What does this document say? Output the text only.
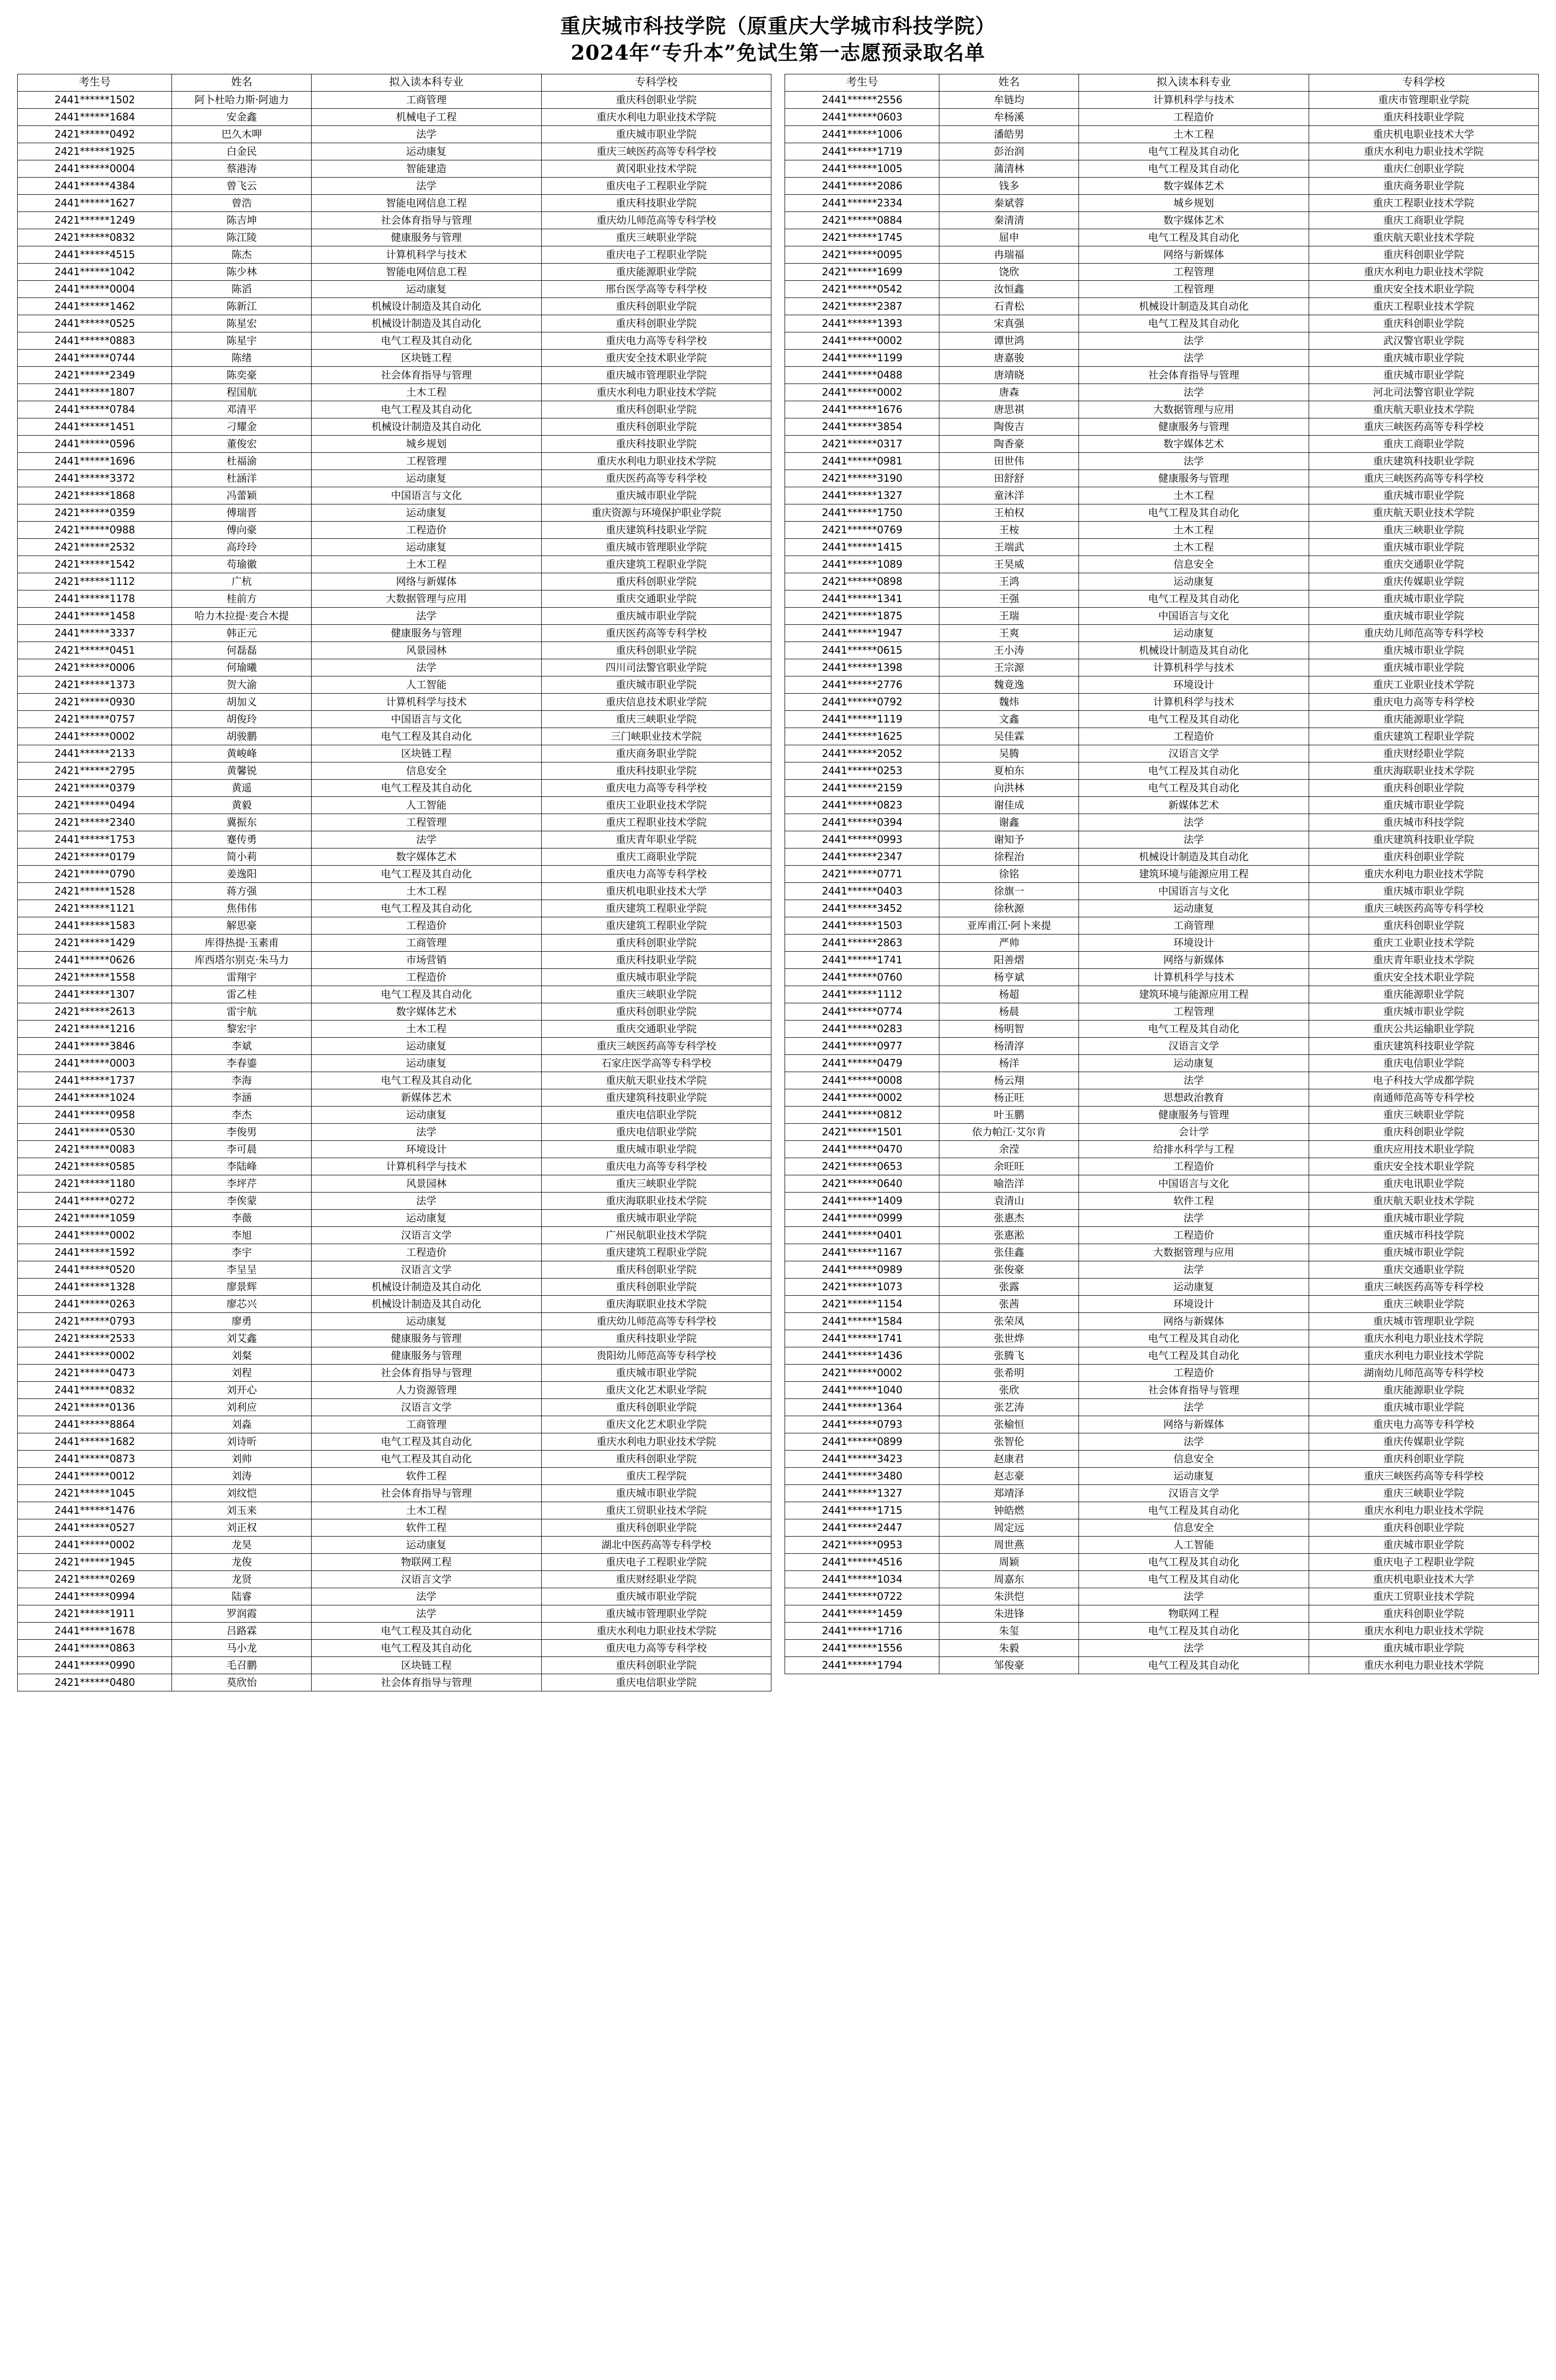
重庆城市科技学院（原重庆大学城市科技学院）
2024年“专升本”免试生第一志愿预录取名单
考生号	姓名	拟入读本科专业	专科学校
2441******1502	阿卜杜哈力斯·阿迪力	工商管理	重庆科创职业学院
2441******1684	安金鑫	机械电子工程	重庆水利电力职业技术学院
2421******0492	巴久木呷	法学	重庆城市职业学院
2421******1925	白金民	运动康复	重庆三峡医药高等专科学校
2441******0004	蔡港涛	智能建造	黄冈职业技术学院
2441******4384	曾飞云	法学	重庆电子工程职业学院
2441******1627	曾浩	智能电网信息工程	重庆科技职业学院
2421******1249	陈吉坤	社会体育指导与管理	重庆幼儿师范高等专科学校
2421******0832	陈江陵	健康服务与管理	重庆三峡职业学院
2441******4515	陈杰	计算机科学与技术	重庆电子工程职业学院
2441******1042	陈少林	智能电网信息工程	重庆能源职业学院
2441******0004	陈滔	运动康复	邢台医学高等专科学校
2441******1462	陈新江	机械设计制造及其自动化	重庆科创职业学院
2441******0525	陈星宏	机械设计制造及其自动化	重庆科创职业学院
2441******0883	陈星宇	电气工程及其自动化	重庆电力高等专科学校
2441******0744	陈绪	区块链工程	重庆安全技术职业学院
2421******2349	陈奕豪	社会体育指导与管理	重庆城市管理职业学院
2441******1807	程国航	土木工程	重庆水利电力职业技术学院
2441******0784	邓清平	电气工程及其自动化	重庆科创职业学院
2441******1451	刁耀金	机械设计制造及其自动化	重庆科创职业学院
2441******0596	董俊宏	城乡规划	重庆科技职业学院
2441******1696	杜福渝	工程管理	重庆水利电力职业技术学院
2441******3372	杜涵洋	运动康复	重庆医药高等专科学校
2421******1868	冯蕾颖	中国语言与文化	重庆城市职业学院
2421******0359	傅瑞晋	运动康复	重庆资源与环境保护职业学院
2421******0988	傅向豪	工程造价	重庆建筑科技职业学院
2421******2532	高玲玲	运动康复	重庆城市管理职业学院
2421******1542	苟瑜徽	土木工程	重庆建筑工程职业学院
2421******1112	广杭	网络与新媒体	重庆科创职业学院
2441******1178	桂前方	大数据管理与应用	重庆交通职业学院
2441******1458	哈力木拉提·麦合木提	法学	重庆城市职业学院
2441******3337	韩正元	健康服务与管理	重庆医药高等专科学校
2421******0451	何磊磊	风景园林	重庆科创职业学院
2421******0006	何瑜曦	法学	四川司法警官职业学院
2421******1373	贺大渝	人工智能	重庆城市职业学院
2421******0930	胡加义	计算机科学与技术	重庆信息技术职业学院
2421******0757	胡俊玲	中国语言与文化	重庆三峡职业学院
2441******0002	胡骏鹏	电气工程及其自动化	三门峡职业技术学院
2441******2133	黄峻峰	区块链工程	重庆商务职业学院
2421******2795	黄馨锐	信息安全	重庆科技职业学院
2421******0379	黄遥	电气工程及其自动化	重庆电力高等专科学校
2421******0494	黄毅	人工智能	重庆工业职业技术学院
2421******2340	冀振东	工程管理	重庆工程职业技术学院
2441******1753	蹇传勇	法学	重庆青年职业学院
2421******0179	简小莉	数字媒体艺术	重庆工商职业学院
2421******0790	姜逸阳	电气工程及其自动化	重庆电力高等专科学校
2421******1528	蒋方强	土木工程	重庆机电职业技术大学
2421******1121	焦伟伟	电气工程及其自动化	重庆建筑工程职业学院
2441******1583	解思豪	工程造价	重庆建筑工程职业学院
2421******1429	库得热提·玉素甫	工商管理	重庆科创职业学院
2441******0626	库西塔尔别克·朱马力	市场营销	重庆科技职业学院
2421******1558	雷翔宇	工程造价	重庆城市职业学院
2441******1307	雷乙桂	电气工程及其自动化	重庆三峡职业学院
2421******2613	雷宇航	数字媒体艺术	重庆科创职业学院
2421******1216	黎宏宇	土木工程	重庆交通职业学院
2441******3846	李斌	运动康复	重庆三峡医药高等专科学校
2441******0003	李春鎏	运动康复	石家庄医学高等专科学校
2441******1737	李海	电气工程及其自动化	重庆航天职业技术学院
2441******1024	李涵	新媒体艺术	重庆建筑科技职业学院
2441******0958	李杰	运动康复	重庆电信职业学院
2441******0530	李俊男	法学	重庆电信职业学院
2421******0083	李可晨	环境设计	重庆城市职业学院
2421******0585	李陆峰	计算机科学与技术	重庆电力高等专科学校
2421******1180	李坪芹	风景园林	重庆三峡职业学院
2441******0272	李俟蒙	法学	重庆海联职业技术学院
2421******1059	李薇	运动康复	重庆城市职业学院
2441******0002	李旭	汉语言文学	广州民航职业技术学院
2441******1592	李宇	工程造价	重庆建筑工程职业学院
2441******0520	李呈呈	汉语言文学	重庆科创职业学院
2441******1328	廖景辉	机械设计制造及其自动化	重庆科创职业学院
2441******0263	廖芯兴	机械设计制造及其自动化	重庆海联职业技术学院
2421******0793	廖勇	运动康复	重庆幼儿师范高等专科学校
2421******2533	刘艾鑫	健康服务与管理	重庆科技职业学院
2441******0002	刘粲	健康服务与管理	贵阳幼儿师范高等专科学校
2421******0473	刘程	社会体育指导与管理	重庆城市职业学院
2441******0832	刘开心	人力资源管理	重庆文化艺术职业学院
2421******0136	刘利应	汉语言文学	重庆科创职业学院
2441******8864	刘淼	工商管理	重庆文化艺术职业学院
2441******1682	刘诗昕	电气工程及其自动化	重庆水利电力职业技术学院
2441******0873	刘帅	电气工程及其自动化	重庆科创职业学院
2441******0012	刘涛	软件工程	重庆工程学院
2421******1045	刘纹恺	社会体育指导与管理	重庆城市职业学院
2441******1476	刘玉来	土木工程	重庆工贸职业技术学院
2441******0527	刘正权	软件工程	重庆科创职业学院
2441******0002	龙昊	运动康复	湖北中医药高等专科学校
2421******1945	龙俊	物联网工程	重庆电子工程职业学院
2421******0269	龙贤	汉语言文学	重庆财经职业学院
2441******0994	陆睿	法学	重庆城市职业学院
2421******1911	罗润霞	法学	重庆城市管理职业学院
2441******1678	吕路霖	电气工程及其自动化	重庆水利电力职业技术学院
2441******0863	马小龙	电气工程及其自动化	重庆电力高等专科学校
2441******0990	毛召鹏	区块链工程	重庆科创职业学院
2421******0480	莫欣怡	社会体育指导与管理	重庆电信职业学院
考生号	姓名	拟入读本科专业	专科学校
2441******2556	牟链均	计算机科学与技术	重庆市管理职业学院
2441******0603	牟杨溪	工程造价	重庆科技职业学院
2441******1006	潘皓男	土木工程	重庆机电职业技术大学
2441******1719	彭治润	电气工程及其自动化	重庆水利电力职业技术学院
2441******1005	蒲清林	电气工程及其自动化	重庆仁创职业学院
2441******2086	钱多	数字媒体艺术	重庆商务职业学院
2441******2334	秦斌蓉	城乡规划	重庆工程职业技术学院
2421******0884	秦清清	数字媒体艺术	重庆工商职业学院
2421******1745	屈申	电气工程及其自动化	重庆航天职业技术学院
2421******0095	冉瑞福	网络与新媒体	重庆科创职业学院
2421******1699	饶欣	工程管理	重庆水利电力职业技术学院
2421******0542	汝恒鑫	工程管理	重庆安全技术职业学院
2421******2387	石青松	机械设计制造及其自动化	重庆工程职业技术学院
2441******1393	宋真强	电气工程及其自动化	重庆科创职业学院
2441******0002	谭世鸿	法学	武汉警官职业学院
2441******1199	唐嘉骏	法学	重庆城市职业学院
2441******0488	唐靖晓	社会体育指导与管理	重庆城市职业学院
2441******0002	唐森	法学	河北司法警官职业学院
2441******1676	唐思祺	大数据管理与应用	重庆航天职业技术学院
2441******3854	陶俊吉	健康服务与管理	重庆三峡医药高等专科学校
2421******0317	陶香豪	数字媒体艺术	重庆工商职业学院
2441******0981	田世伟	法学	重庆建筑科技职业学院
2421******3190	田舒舒	健康服务与管理	重庆三峡医药高等专科学校
2441******1327	童沐洋	土木工程	重庆城市职业学院
2441******1750	王柏权	电气工程及其自动化	重庆航天职业技术学院
2421******0769	王桉	土木工程	重庆三峡职业学院
2441******1415	王端武	土木工程	重庆城市职业学院
2441******1089	王昊威	信息安全	重庆交通职业学院
2421******0898	王鸿	运动康复	重庆传媒职业学院
2441******1341	王强	电气工程及其自动化	重庆城市职业学院
2421******1875	王瑞	中国语言与文化	重庆城市职业学院
2441******1947	王爽	运动康复	重庆幼儿师范高等专科学校
2441******0615	王小涛	机械设计制造及其自动化	重庆城市职业学院
2441******1398	王宗源	计算机科学与技术	重庆城市职业学院
2441******2776	魏竟逸	环境设计	重庆工业职业技术学院
2441******0792	魏炜	计算机科学与技术	重庆电力高等专科学校
2441******1119	文鑫	电气工程及其自动化	重庆能源职业学院
2441******1625	吴佳霖	工程造价	重庆建筑工程职业学院
2441******2052	吴腾	汉语言文学	重庆财经职业学院
2441******0253	夏柏东	电气工程及其自动化	重庆海联职业技术学院
2441******2159	向洪林	电气工程及其自动化	重庆科创职业学院
2441******0823	谢佳成	新媒体艺术	重庆城市职业学院
2441******0394	谢鑫	法学	重庆城市科技学院
2441******0993	谢知予	法学	重庆建筑科技职业学院
2441******2347	徐程治	机械设计制造及其自动化	重庆科创职业学院
2421******0771	徐铭	建筑环境与能源应用工程	重庆水利电力职业技术学院
2441******0403	徐旗一	中国语言与文化	重庆城市职业学院
2441******3452	徐秋源	运动康复	重庆三峡医药高等专科学校
2441******1503	亚库甫江·阿卜来提	工商管理	重庆科创职业学院
2441******2863	严帅	环境设计	重庆工业职业技术学院
2441******1741	阳善熠	网络与新媒体	重庆青年职业技术学院
2441******0760	杨亨斌	计算机科学与技术	重庆安全技术职业学院
2441******1112	杨超	建筑环境与能源应用工程	重庆能源职业学院
2441******0774	杨晨	工程管理	重庆城市职业学院
2441******0283	杨明智	电气工程及其自动化	重庆公共运输职业学院
2441******0977	杨清淳	汉语言文学	重庆建筑科技职业学院
2441******0479	杨洋	运动康复	重庆电信职业学院
2441******0008	杨云翔	法学	电子科技大学成都学院
2441******0002	杨正旺	思想政治教育	南通师范高等专科学校
2441******0812	叶玉鹏	健康服务与管理	重庆三峡职业学院
2421******1501	依力帕江·艾尔肯	会计学	重庆科创职业学院
2441******0470	余滢	给排水科学与工程	重庆应用技术职业学院
2421******0653	余旺旺	工程造价	重庆安全技术职业学院
2421******0640	喻浩洋	中国语言与文化	重庆电讯职业学院
2441******1409	袁清山	软件工程	重庆航天职业技术学院
2441******0999	张惠杰	法学	重庆城市职业学院
2441******0401	张惠淞	工程造价	重庆城市科技学院
2441******1167	张佳鑫	大数据管理与应用	重庆城市职业学院
2441******0989	张俊豪	法学	重庆交通职业学院
2421******1073	张露	运动康复	重庆三峡医药高等专科学校
2421******1154	张茜	环境设计	重庆三峡职业学院
2441******1584	张荣凤	网络与新媒体	重庆城市管理职业学院
2441******1741	张世烨	电气工程及其自动化	重庆水利电力职业技术学院
2441******1436	张腾飞	电气工程及其自动化	重庆水利电力职业技术学院
2421******0002	张希明	工程造价	湖南幼儿师范高等专科学校
2441******1040	张欣	社会体育指导与管理	重庆能源职业学院
2441******1364	张艺涛	法学	重庆城市职业学院
2441******0793	张榆恒	网络与新媒体	重庆电力高等专科学校
2441******0899	张智伦	法学	重庆传媒职业学院
2441******3423	赵康君	信息安全	重庆科创职业学院
2441******3480	赵志豪	运动康复	重庆三峡医药高等专科学校
2441******1327	郑靖泽	汉语言文学	重庆三峡职业学院
2441******1715	钟皓燃	电气工程及其自动化	重庆水利电力职业技术学院
2441******2447	周定远	信息安全	重庆科创职业学院
2421******0953	周世燕	人工智能	重庆城市职业学院
2441******4516	周颖	电气工程及其自动化	重庆电子工程职业学院
2441******1034	周嘉东	电气工程及其自动化	重庆机电职业技术大学
2441******0722	朱洪恺	法学	重庆工贸职业技术学院
2441******1459	朱进锋	物联网工程	重庆科创职业学院
2441******1716	朱玺	电气工程及其自动化	重庆水利电力职业技术学院
2441******1556	朱毅	法学	重庆城市职业学院
2441******1794	邹俊豪	电气工程及其自动化	重庆水利电力职业技术学院
